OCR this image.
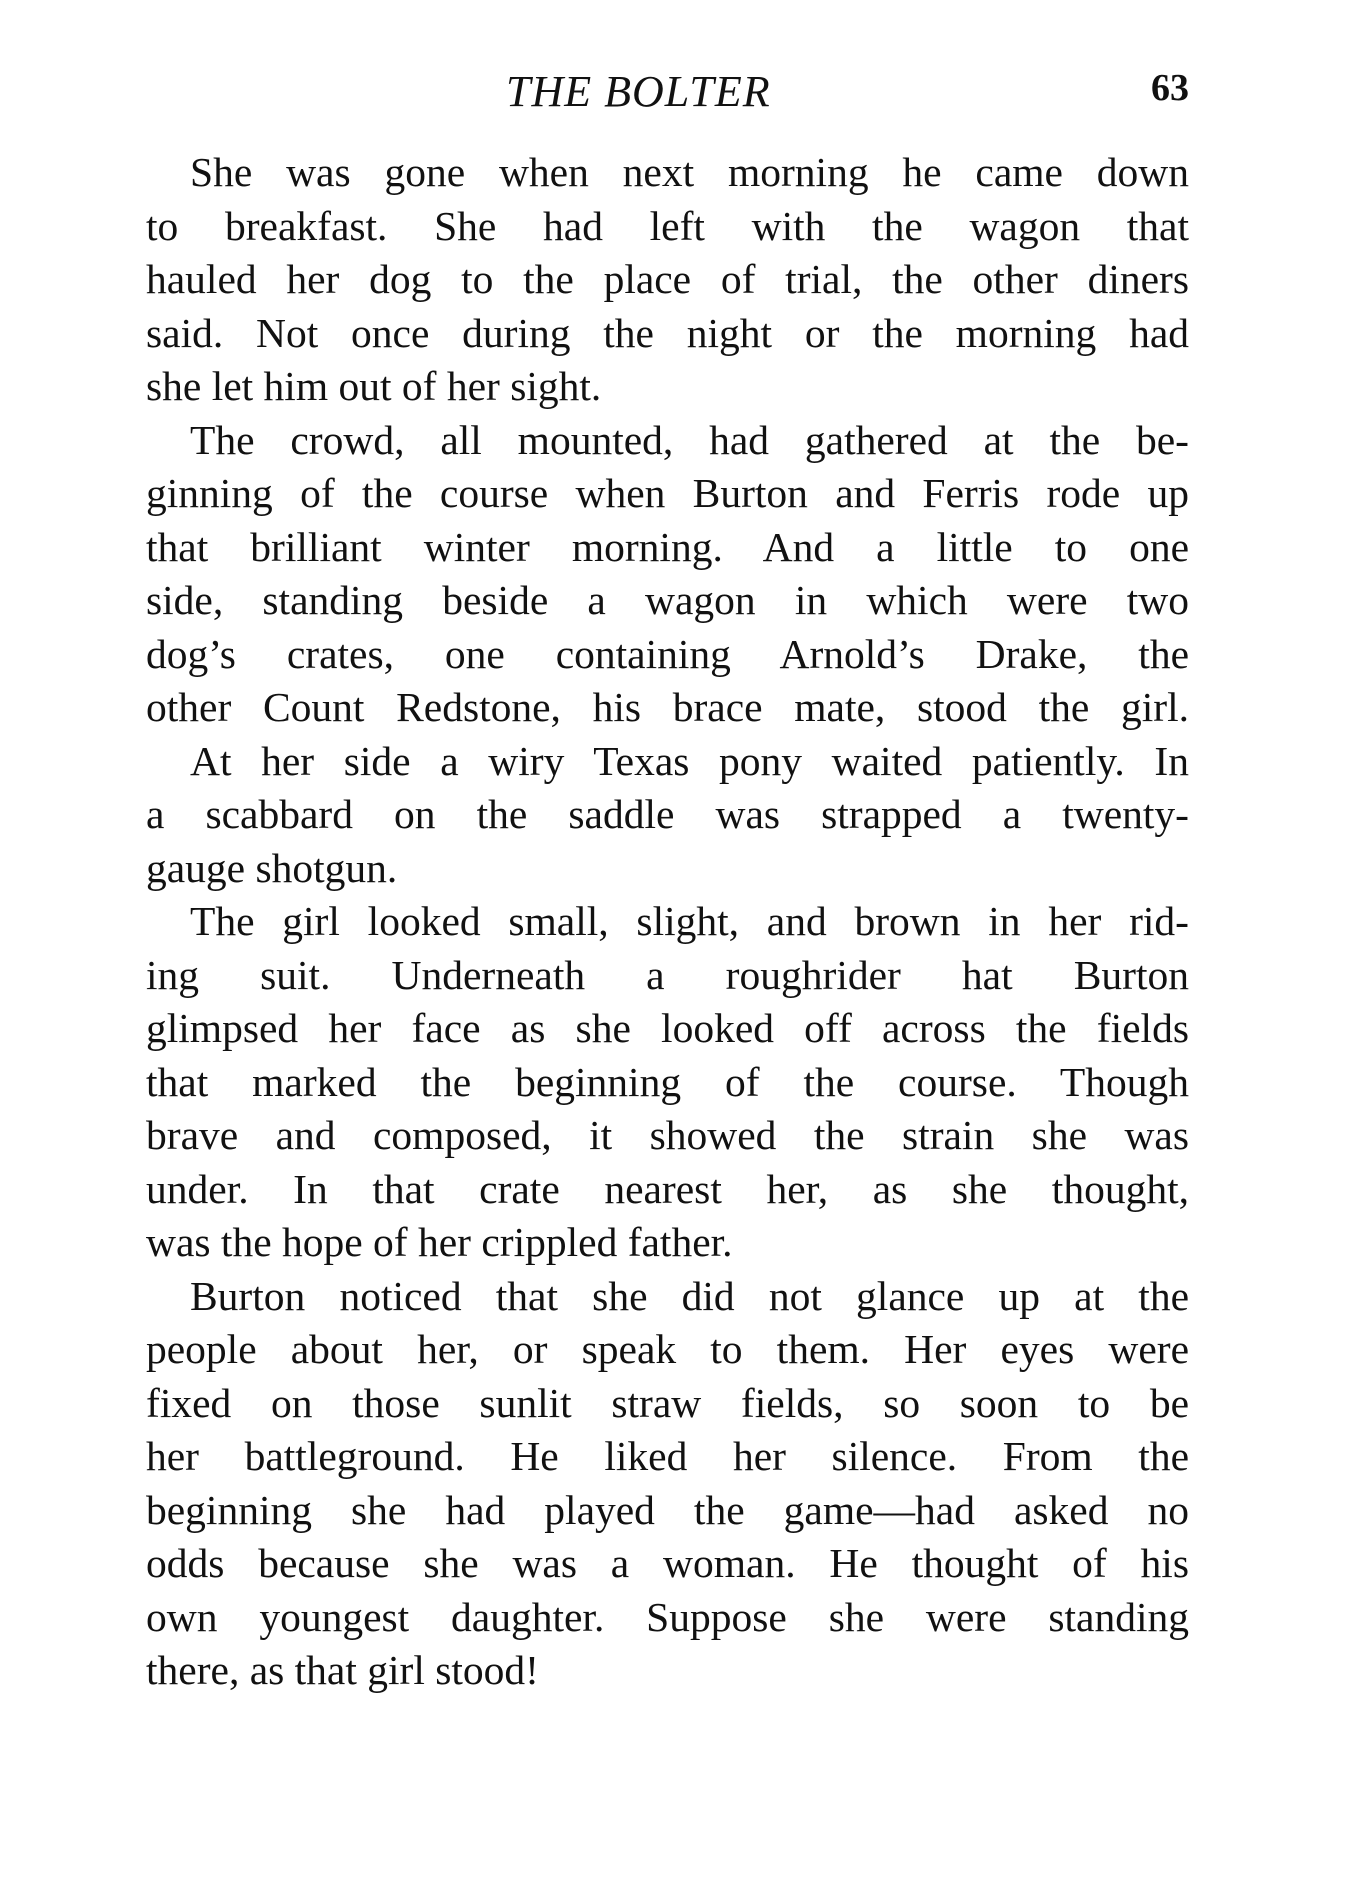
THE BOLTER	63
She was gone when next morning he came down
to breakfast. She had left with the wagon that
hauled her dog to the place of trial, the other diners
said. Not once during the night or the morning had
she let him out of her sight.
The crowd, all mounted, had gathered at the be-
ginning of the course when Burton and Ferris rode up
that brilliant winter morning. And a little to one
side, standing beside a wagon in which were two
dog’s crates, one containing Arnold’s Drake, the
other Count Redstone, his brace mate, stood the girl.
At her side a wiry Texas pony waited patiently. In
a scabbard on the saddle was strapped a twenty-
gauge shotgun.
The girl looked small, slight, and brown in her rid-
ing suit. Underneath a roughrider hat Burton
glimpsed her face as she looked off across the fields
that marked the beginning of the course. Though
brave and composed, it showed the strain she was
under. In that crate nearest her, as she thought,
was the hope of her crippled father.
Burton noticed that she did not glance up at the
people about her, or speak to them. Her eyes were
fixed on those sunlit straw fields, so soon to be
her battleground. He liked her silence. From the
beginning she had played the game—had asked no
odds because she was a woman. He thought of his
own youngest daughter. Suppose she were standing
there, as that girl stood!
